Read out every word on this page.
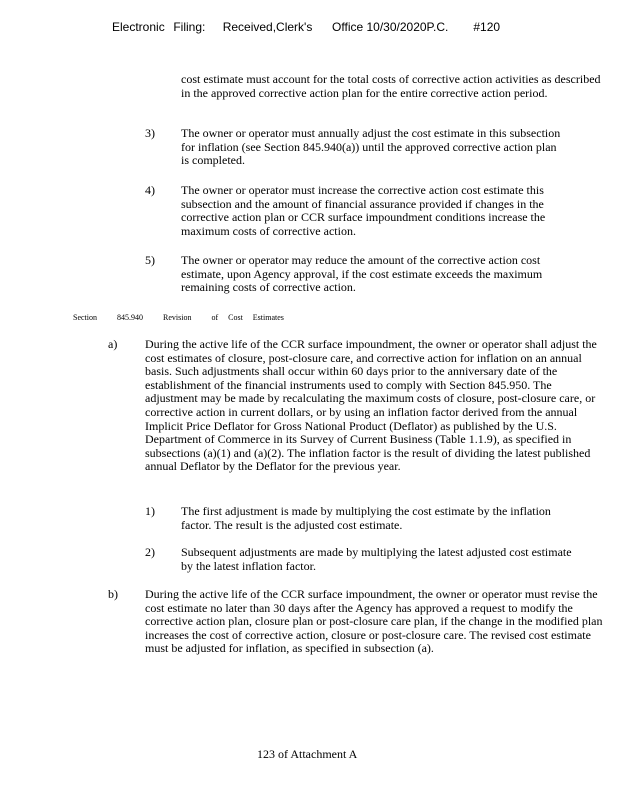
Electronic Filing: Received,Clerk's Office 10/30/2020P.C. #120
cost estimate must account for the total costs of corrective action activities as described in the approved corrective action plan for the entire corrective action period.
3) The owner or operator must annually adjust the cost estimate in this subsection for inflation (see Section 845.940(a)) until the approved corrective action plan is completed.
4) The owner or operator must increase the corrective action cost estimate this subsection and the amount of financial assurance provided if changes in the corrective action plan or CCR surface impoundment conditions increase the maximum costs of corrective action.
5) The owner or operator may reduce the amount of the corrective action cost estimate, upon Agency approval, if the cost estimate exceeds the maximum remaining costs of corrective action.
Section	845.940	Revision	of Cost Estimates
a) During the active life of the CCR surface impoundment, the owner or operator shall adjust the cost estimates of closure, post-closure care, and corrective action for inflation on an annual basis. Such adjustments shall occur within 60 days prior to the anniversary date of the establishment of the financial instruments used to comply with Section 845.950. The adjustment may be made by recalculating the maximum costs of closure, post-closure care, or corrective action in current dollars, or by using an inflation factor derived from the annual Implicit Price Deflator for Gross National Product (Deflator) as published by the U.S. Department of Commerce in its Survey of Current Business (Table 1.1.9), as specified in subsections (a)(1) and (a)(2). The inflation factor is the result of dividing the latest published annual Deflator by the Deflator for the previous year.
1) The first adjustment is made by multiplying the cost estimate by the inflation factor. The result is the adjusted cost estimate.
2) Subsequent adjustments are made by multiplying the latest adjusted cost estimate by the latest inflation factor.
b) During the active life of the CCR surface impoundment, the owner or operator must revise the cost estimate no later than 30 days after the Agency has approved a request to modify the corrective action plan, closure plan or post-closure care plan, if the change in the modified plan increases the cost of corrective action, closure or post-closure care. The revised cost estimate must be adjusted for inflation, as specified in subsection (a).
123 of Attachment A
